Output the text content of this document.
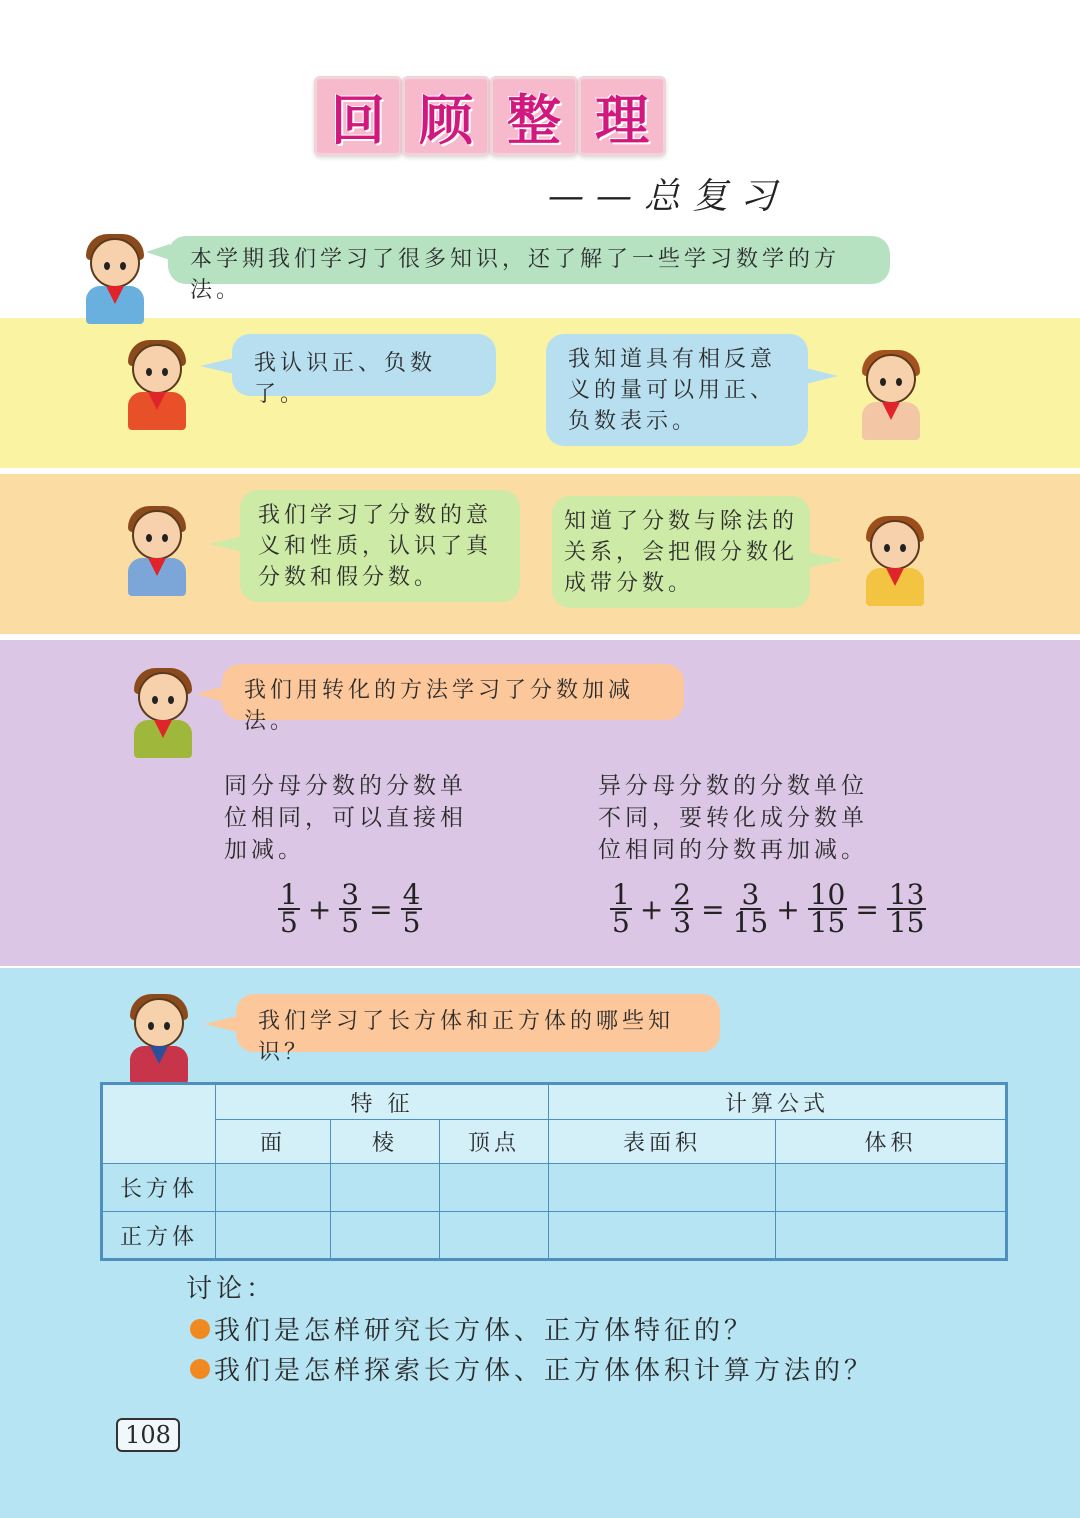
回 顾 整 理
——总复习
本学期我们学习了很多知识，还了解了一些学习数学的方法。
我认识正、负数了。
我知道具有相反意义的量可以用正、负数表示。
我们学习了分数的意义和性质，认识了真分数和假分数。
知道了分数与除法的关系，会把假分数化成带分数。
我们用转化的方法学习了分数加减法。
同分母分数的分数单位相同，可以直接相加减。
异分母分数的分数单位不同，要转化成分数单位相同的分数再加减。
$\frac{1}{5} + \frac{3}{5} = \frac{4}{5}$	$\frac{1}{5} + \frac{2}{3} = \frac{3}{15} + \frac{10}{15} = \frac{13}{15}$
我们学习了长方体和正方体的哪些知识？
	特 征			计算公式	
	面	棱	顶点	表面积	体积
长方体					
正方体					
讨论：
我们是怎样研究长方体、正方体特征的？
我们是怎样探索长方体、正方体体积计算方法的？
108
